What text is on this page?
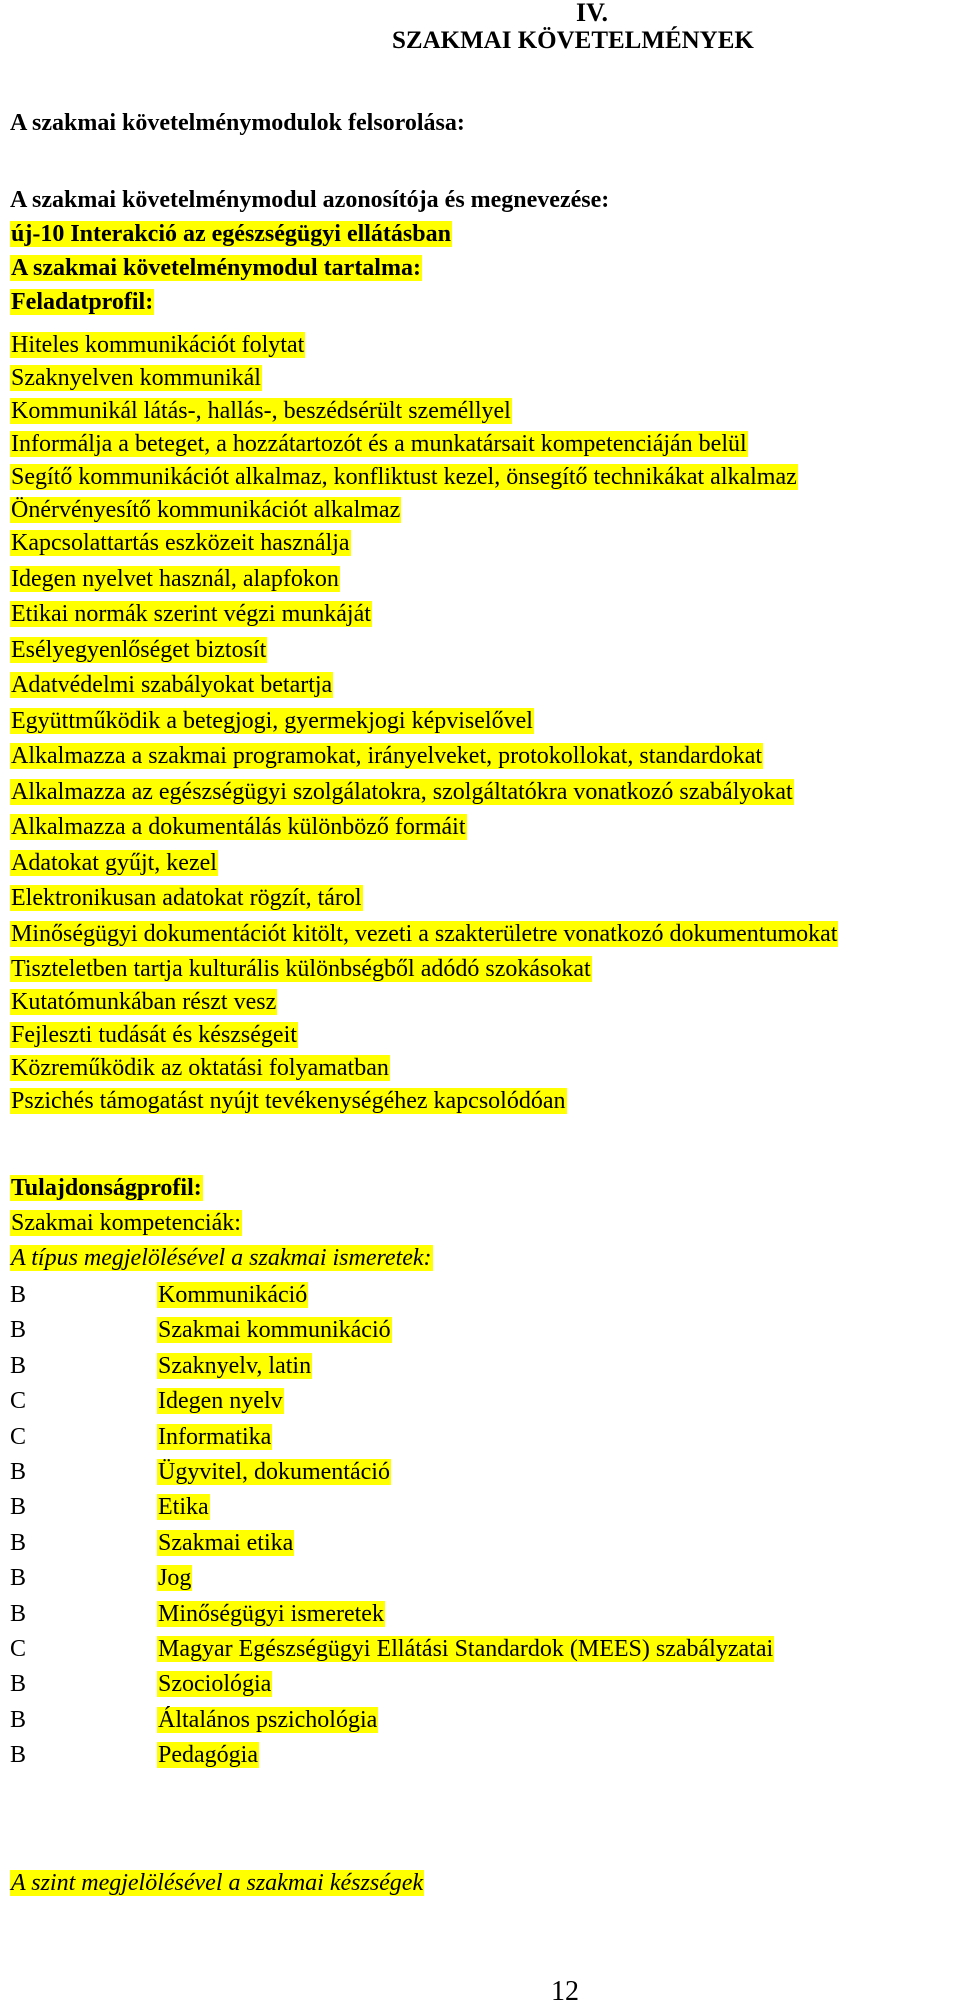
IV.
SZAKMAI KÖVETELMÉNYEK
A szakmai követelménymodulok felsorolása:
A szakmai követelménymodul azonosítója és megnevezése:
új-10 Interakció az egészségügyi ellátásban
A szakmai követelménymodul tartalma:
Feladatprofil:
Hiteles kommunikációt folytat
Szaknyelven kommunikál
Kommunikál látás-, hallás-, beszédsérült személlyel
Informálja a beteget, a hozzátartozót és a munkatársait kompetenciáján belül
Segítő kommunikációt alkalmaz, konfliktust kezel, önsegítő technikákat alkalmaz
Önérvényesítő kommunikációt alkalmaz
Kapcsolattartás eszközeit használja
Idegen nyelvet használ, alapfokon
Etikai normák szerint végzi munkáját
Esélyegyenlőséget biztosít
Adatvédelmi szabályokat betartja
Együttműködik a betegjogi, gyermekjogi képviselővel
Alkalmazza a szakmai programokat, irányelveket, protokollokat, standardokat
Alkalmazza az egészségügyi szolgálatokra, szolgáltatókra vonatkozó szabályokat
Alkalmazza a dokumentálás különböző formáit
Adatokat gyűjt, kezel
Elektronikusan adatokat rögzít, tárol
Minőségügyi dokumentációt kitölt, vezeti a szakterületre vonatkozó dokumentumokat
Tiszteletben tartja kulturális különbségből adódó szokásokat
Kutatómunkában részt vesz
Fejleszti tudását és készségeit
Közreműködik az oktatási folyamatban
Pszichés támogatást nyújt tevékenységéhez kapcsolódóan
Tulajdonságprofil:
Szakmai kompetenciák:
A típus megjelölésével a szakmai ismeretek:
B	Kommunikáció
B	Szakmai kommunikáció
B	Szaknyelv, latin
C	Idegen nyelv
C	Informatika
B	Ügyvitel, dokumentáció
B	Etika
B	Szakmai etika
B	Jog
B	Minőségügyi ismeretek
C	Magyar Egészségügyi Ellátási Standardok (MEES) szabályzatai
B	Szociológia
B	Általános pszichológia
B	Pedagógia
A szint megjelölésével a szakmai készségek
12
